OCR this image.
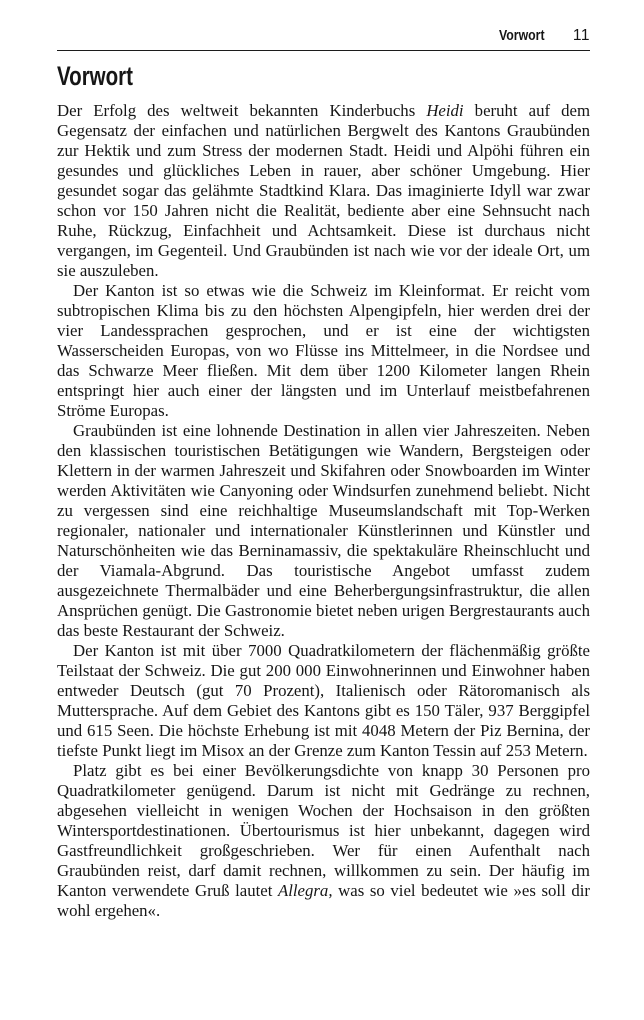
Vorwort 11
Vorwort

Der Erfolg des weltweit bekannten Kinderbuchs Heidi beruht auf dem Gegensatz der einfachen und natürlichen Bergwelt des Kantons Graubünden zur Hektik und zum Stress der modernen Stadt. Heidi und Alpöhi führen ein gesundes und glückliches Leben in rauer, aber schöner Umgebung. Hier gesundet sogar das gelähmte Stadtkind Klara. Das imaginierte Idyll war zwar schon vor 150 Jahren nicht die Realität, bediente aber eine Sehnsucht nach Ruhe, Rückzug, Einfachheit und Achtsamkeit. Diese ist durchaus nicht vergangen, im Gegenteil. Und Graubünden ist nach wie vor der ideale Ort, um sie auszuleben.

Der Kanton ist so etwas wie die Schweiz im Kleinformat. Er reicht vom subtropischen Klima bis zu den höchsten Alpengipfeln, hier werden drei der vier Landessprachen gesprochen, und er ist eine der wichtigsten Wasserscheiden Europas, von wo Flüsse ins Mittelmeer, in die Nordsee und das Schwarze Meer fließen. Mit dem über 1200 Kilometer langen Rhein entspringt hier auch einer der längsten und im Unterlauf meistbefahrenen Ströme Europas.

Graubünden ist eine lohnende Destination in allen vier Jahreszeiten. Neben den klassischen touristischen Betätigungen wie Wandern, Bergsteigen oder Klettern in der warmen Jahreszeit und Skifahren oder Snowboarden im Winter werden Aktivitäten wie Canyoning oder Windsurfen zunehmend beliebt. Nicht zu vergessen sind eine reichhaltige Museumslandschaft mit Top-Werken regionaler, nationaler und internationaler Künstlerinnen und Künstler und Naturschönheiten wie das Berninamassiv, die spektakuläre Rheinschlucht und der Viamala-Abgrund. Das touristische Angebot umfasst zudem ausgezeichnete Thermalbäder und eine Beherbergungsinfrastruktur, die allen Ansprüchen genügt. Die Gastronomie bietet neben urigen Bergrestaurants auch das beste Restaurant der Schweiz.

Der Kanton ist mit über 7000 Quadratkilometern der flächenmäßig größte Teilstaat der Schweiz. Die gut 200 000 Einwohnerinnen und Einwohner haben entweder Deutsch (gut 70 Prozent), Italienisch oder Rätoromanisch als Muttersprache. Auf dem Gebiet des Kantons gibt es 150 Täler, 937 Berggipfel und 615 Seen. Die höchste Erhebung ist mit 4048 Metern der Piz Bernina, der tiefste Punkt liegt im Misox an der Grenze zum Kanton Tessin auf 253 Metern.

Platz gibt es bei einer Bevölkerungsdichte von knapp 30 Personen pro Quadratkilometer genügend. Darum ist nicht mit Gedränge zu rechnen, abgesehen vielleicht in wenigen Wochen der Hochsaison in den größten Wintersportdestinationen. Übertourismus ist hier unbekannt, dagegen wird Gastfreundlichkeit großgeschrieben. Wer für einen Aufenthalt nach Graubünden reist, darf damit rechnen, willkommen zu sein. Der häufig im Kanton verwendete Gruß lautet Allegra, was so viel bedeutet wie »es soll dir wohl ergehen«.
